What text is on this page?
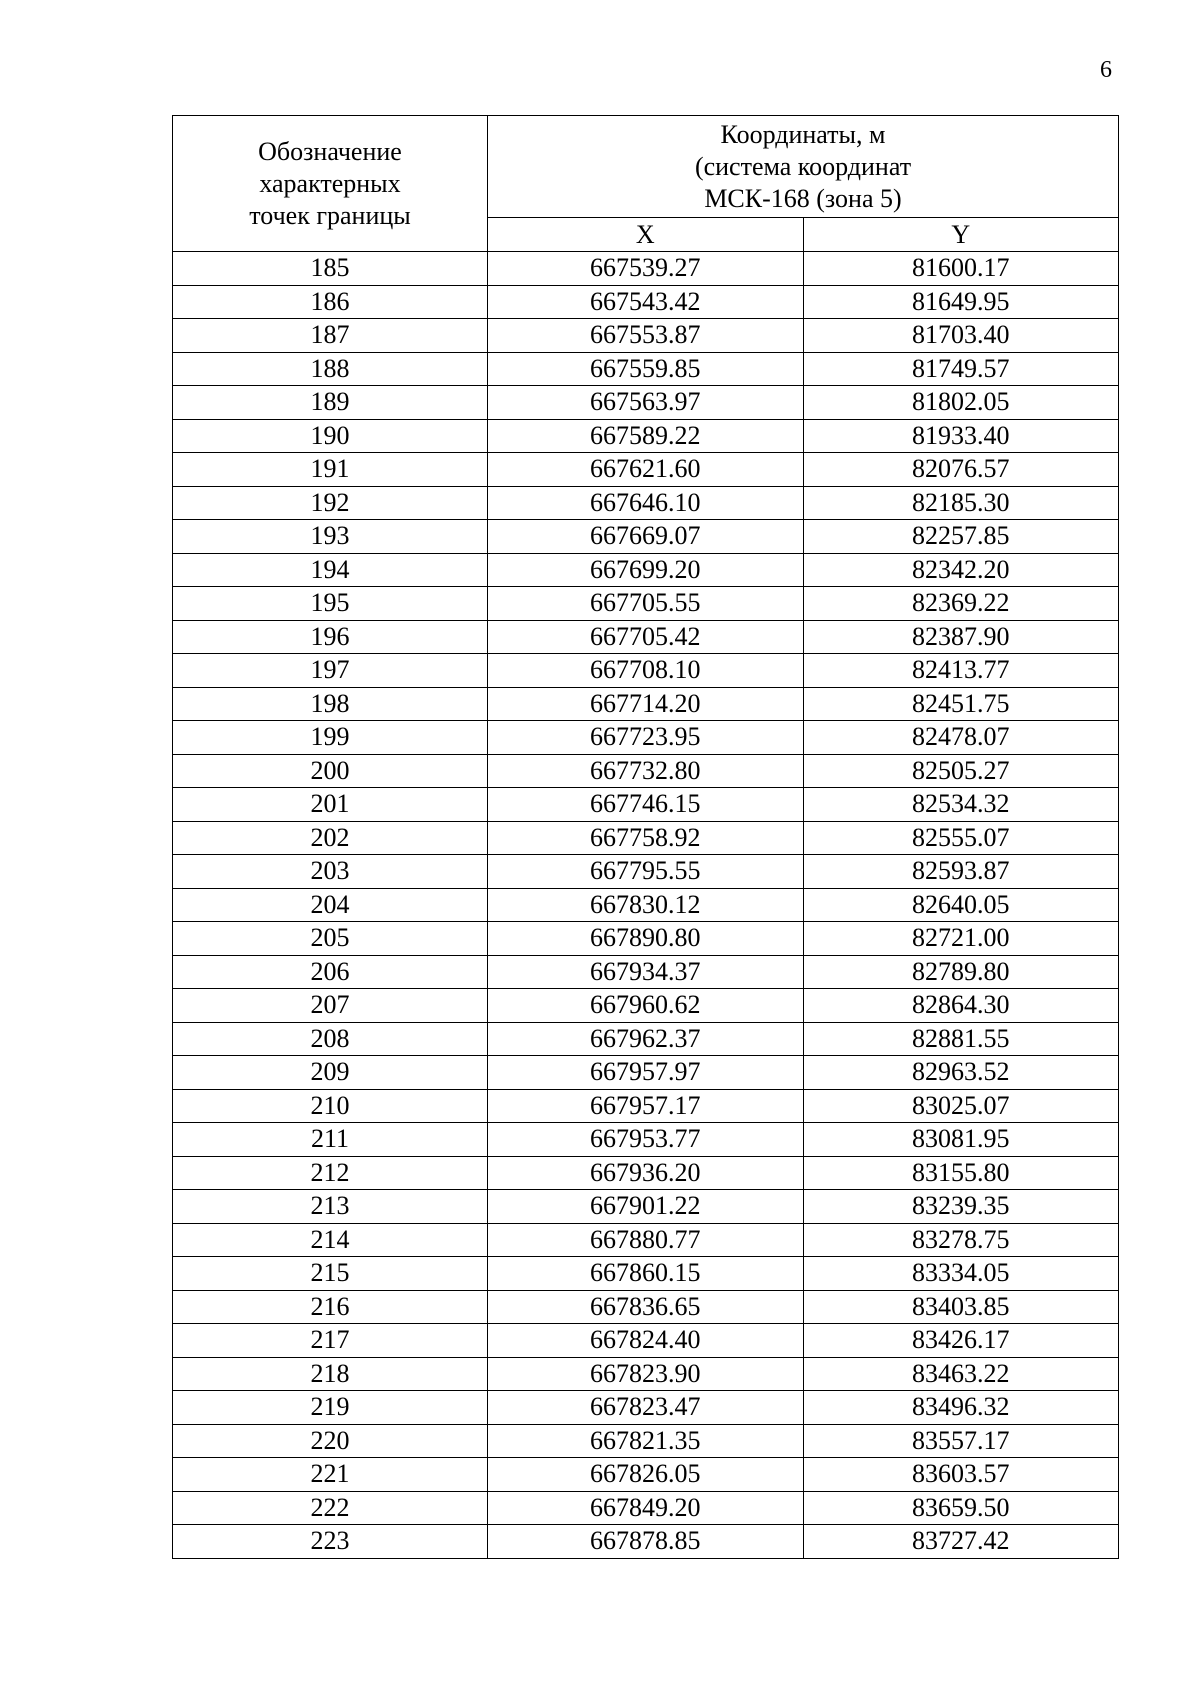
6
Обозначение
характерных
точек границы	Координаты, м
(система координат
МСК-168 (зона 5)	

	X	Y
185	667539.27	81600.17
186	667543.42	81649.95
187	667553.87	81703.40
188	667559.85	81749.57
189	667563.97	81802.05
190	667589.22	81933.40
191	667621.60	82076.57
192	667646.10	82185.30
193	667669.07	82257.85
194	667699.20	82342.20
195	667705.55	82369.22
196	667705.42	82387.90
197	667708.10	82413.77
198	667714.20	82451.75
199	667723.95	82478.07
200	667732.80	82505.27
201	667746.15	82534.32
202	667758.92	82555.07
203	667795.55	82593.87
204	667830.12	82640.05
205	667890.80	82721.00
206	667934.37	82789.80
207	667960.62	82864.30
208	667962.37	82881.55
209	667957.97	82963.52
210	667957.17	83025.07
211	667953.77	83081.95
212	667936.20	83155.80
213	667901.22	83239.35
214	667880.77	83278.75
215	667860.15	83334.05
216	667836.65	83403.85
217	667824.40	83426.17
218	667823.90	83463.22
219	667823.47	83496.32
220	667821.35	83557.17
221	667826.05	83603.57
222	667849.20	83659.50
223	667878.85	83727.42
